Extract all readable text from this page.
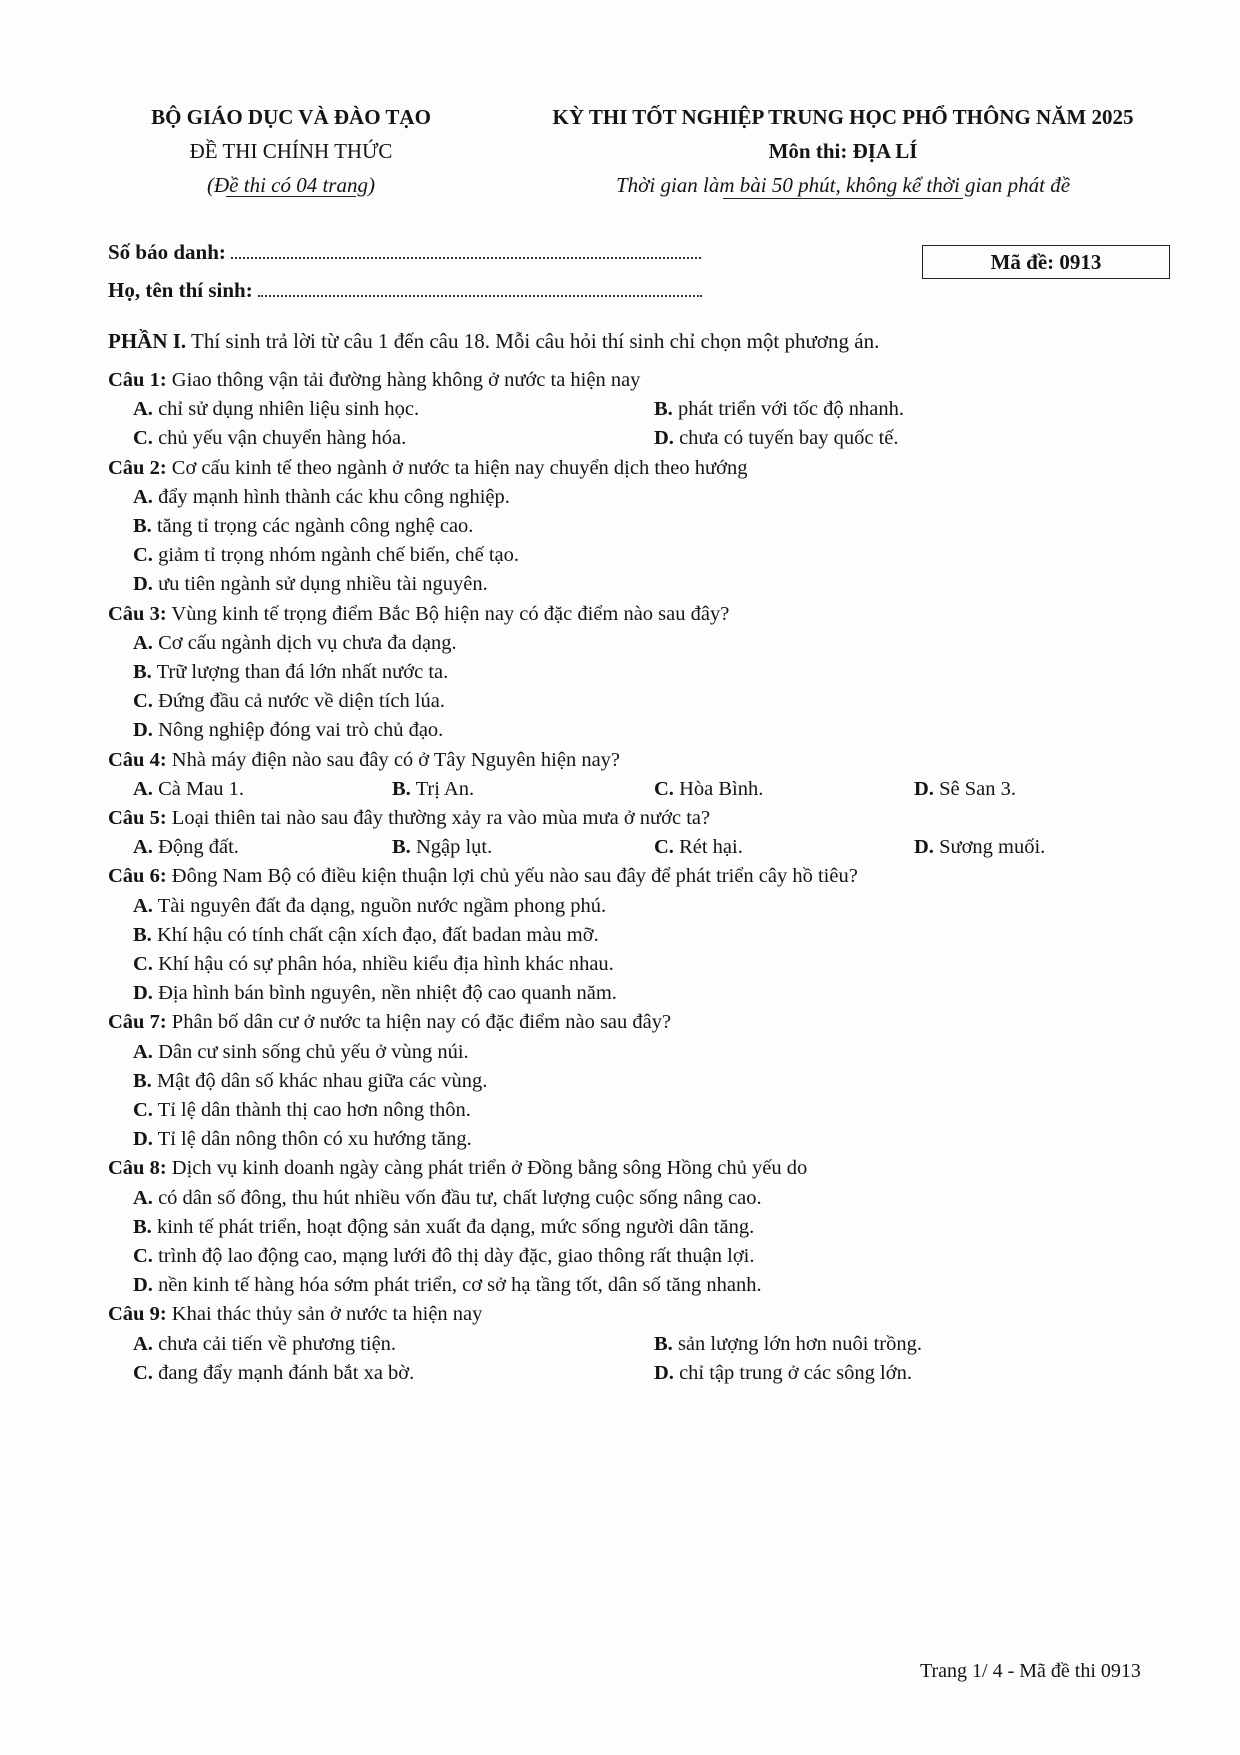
BỘ GIÁO DỤC VÀ ĐÀO TẠO
ĐỀ THI CHÍNH THỨC
(Đề thi có 04 trang)
KỲ THI TỐT NGHIỆP TRUNG HỌC PHỔ THÔNG NĂM 2025
Môn thi: ĐỊA LÍ
Thời gian làm bài 50 phút, không kể thời gian phát đề
Số báo danh:
Họ, tên thí sinh:
Mã đề: 0913
PHẦN I. Thí sinh trả lời từ câu 1 đến câu 18. Mỗi câu hỏi thí sinh chỉ chọn một phương án.
Câu 1: Giao thông vận tải đường hàng không ở nước ta hiện nay
A. chỉ sử dụng nhiên liệu sinh học.	B. phát triển với tốc độ nhanh.
C. chủ yếu vận chuyển hàng hóa.	D. chưa có tuyến bay quốc tế.
Câu 2: Cơ cấu kinh tế theo ngành ở nước ta hiện nay chuyển dịch theo hướng
A. đẩy mạnh hình thành các khu công nghiệp.
B. tăng tỉ trọng các ngành công nghệ cao.
C. giảm tỉ trọng nhóm ngành chế biến, chế tạo.
D. ưu tiên ngành sử dụng nhiều tài nguyên.
Câu 3: Vùng kinh tế trọng điểm Bắc Bộ hiện nay có đặc điểm nào sau đây?
A. Cơ cấu ngành dịch vụ chưa đa dạng.
B. Trữ lượng than đá lớn nhất nước ta.
C. Đứng đầu cả nước về diện tích lúa.
D. Nông nghiệp đóng vai trò chủ đạo.
Câu 4: Nhà máy điện nào sau đây có ở Tây Nguyên hiện nay?
A. Cà Mau 1.	B. Trị An.	C. Hòa Bình.	D. Sê San 3.
Câu 5: Loại thiên tai nào sau đây thường xảy ra vào mùa mưa ở nước ta?
A. Động đất.	B. Ngập lụt.	C. Rét hại.	D. Sương muối.
Câu 6: Đông Nam Bộ có điều kiện thuận lợi chủ yếu nào sau đây để phát triển cây hồ tiêu?
A. Tài nguyên đất đa dạng, nguồn nước ngầm phong phú.
B. Khí hậu có tính chất cận xích đạo, đất badan màu mỡ.
C. Khí hậu có sự phân hóa, nhiều kiểu địa hình khác nhau.
D. Địa hình bán bình nguyên, nền nhiệt độ cao quanh năm.
Câu 7: Phân bố dân cư ở nước ta hiện nay có đặc điểm nào sau đây?
A. Dân cư sinh sống chủ yếu ở vùng núi.
B. Mật độ dân số khác nhau giữa các vùng.
C. Tỉ lệ dân thành thị cao hơn nông thôn.
D. Tỉ lệ dân nông thôn có xu hướng tăng.
Câu 8: Dịch vụ kinh doanh ngày càng phát triển ở Đồng bằng sông Hồng chủ yếu do
A. có dân số đông, thu hút nhiều vốn đầu tư, chất lượng cuộc sống nâng cao.
B. kinh tế phát triển, hoạt động sản xuất đa dạng, mức sống người dân tăng.
C. trình độ lao động cao, mạng lưới đô thị dày đặc, giao thông rất thuận lợi.
D. nền kinh tế hàng hóa sớm phát triển, cơ sở hạ tầng tốt, dân số tăng nhanh.
Câu 9: Khai thác thủy sản ở nước ta hiện nay
A. chưa cải tiến về phương tiện.	B. sản lượng lớn hơn nuôi trồng.
C. đang đẩy mạnh đánh bắt xa bờ.	D. chỉ tập trung ở các sông lớn.
Trang 1/ 4 - Mã đề thi 0913
